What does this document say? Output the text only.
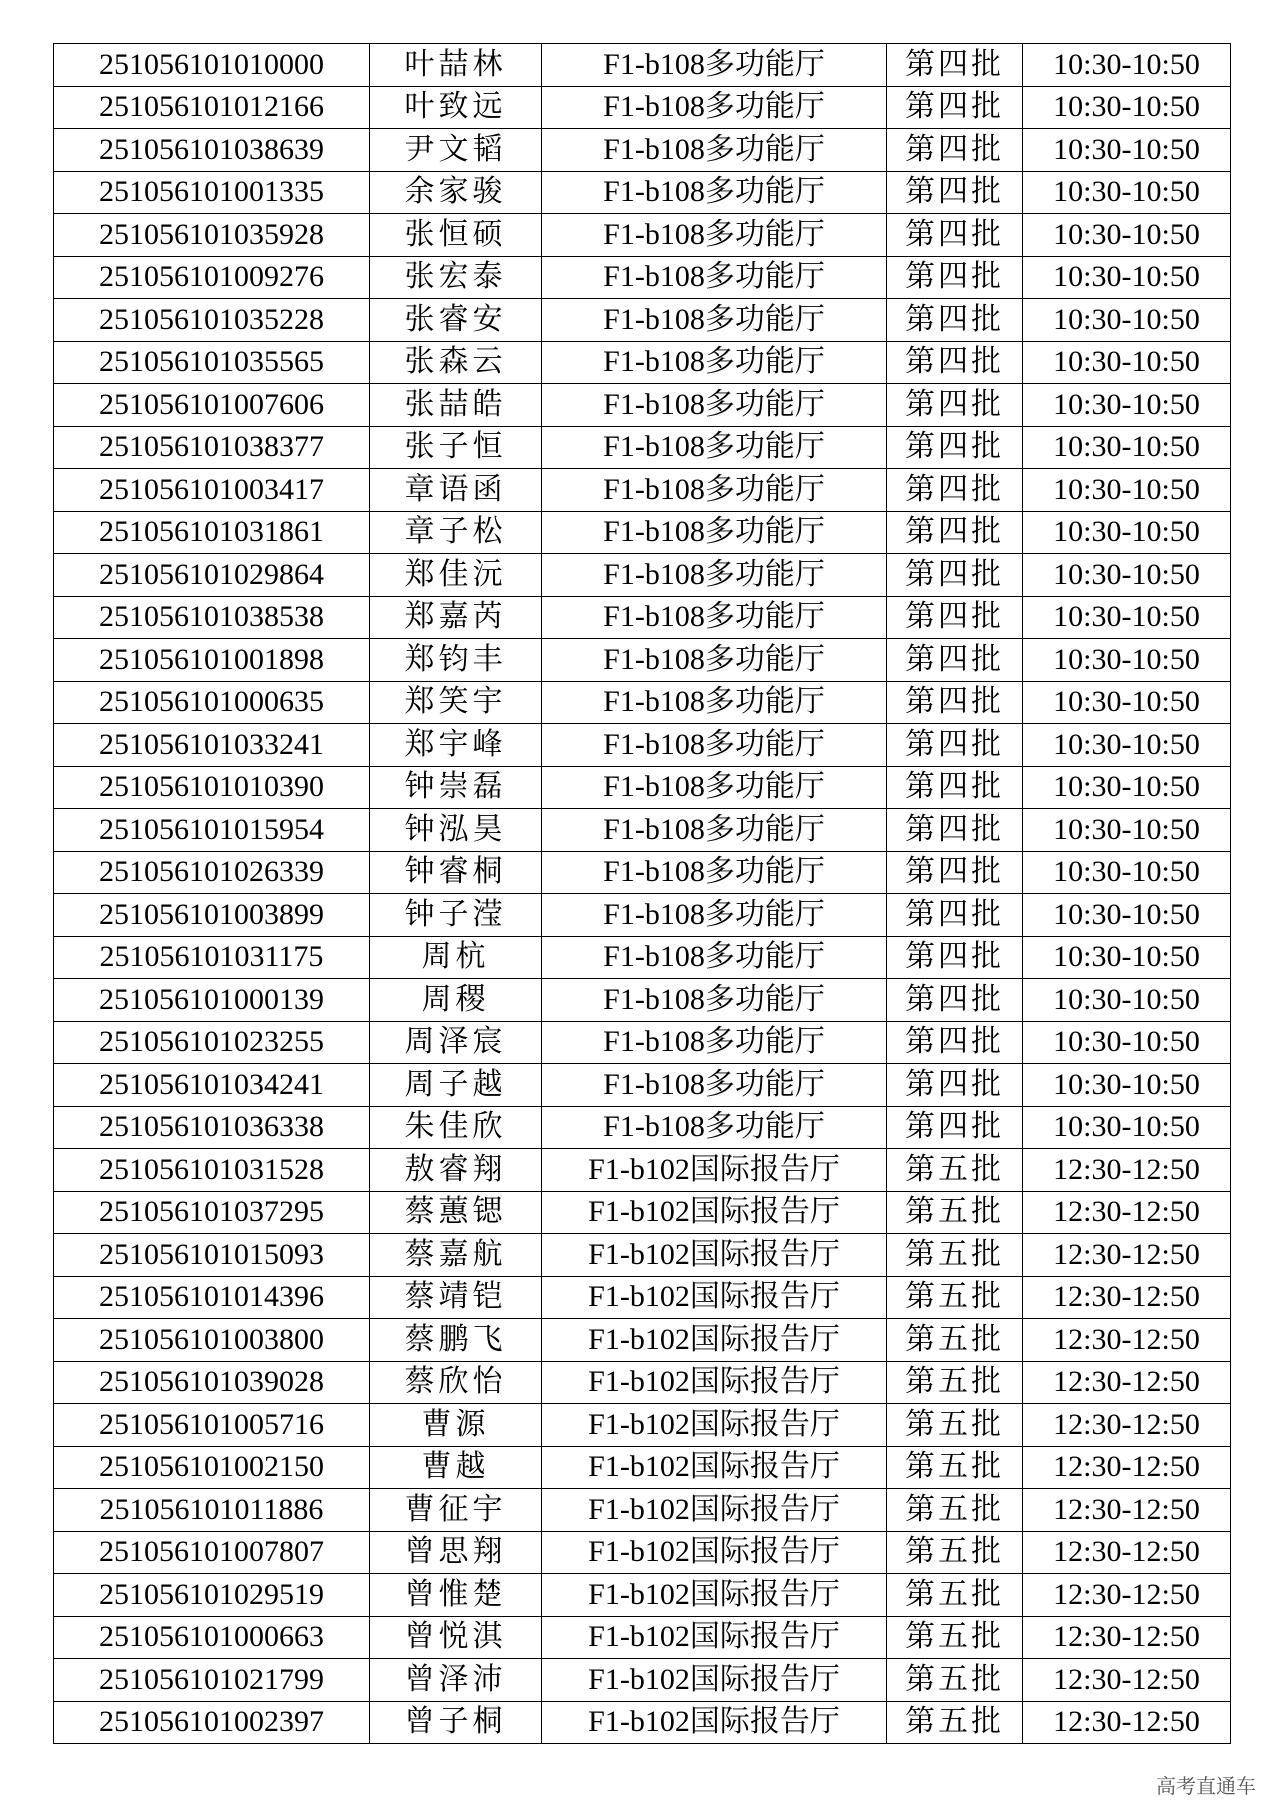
251056101010000	叶喆林	F1-b108多功能厅	第四批	10:30-10:50
251056101012166	叶致远	F1-b108多功能厅	第四批	10:30-10:50
251056101038639	尹文韬	F1-b108多功能厅	第四批	10:30-10:50
251056101001335	余家骏	F1-b108多功能厅	第四批	10:30-10:50
251056101035928	张恒硕	F1-b108多功能厅	第四批	10:30-10:50
251056101009276	张宏泰	F1-b108多功能厅	第四批	10:30-10:50
251056101035228	张睿安	F1-b108多功能厅	第四批	10:30-10:50
251056101035565	张森云	F1-b108多功能厅	第四批	10:30-10:50
251056101007606	张喆皓	F1-b108多功能厅	第四批	10:30-10:50
251056101038377	张子恒	F1-b108多功能厅	第四批	10:30-10:50
251056101003417	章语函	F1-b108多功能厅	第四批	10:30-10:50
251056101031861	章子松	F1-b108多功能厅	第四批	10:30-10:50
251056101029864	郑佳沅	F1-b108多功能厅	第四批	10:30-10:50
251056101038538	郑嘉芮	F1-b108多功能厅	第四批	10:30-10:50
251056101001898	郑钧丰	F1-b108多功能厅	第四批	10:30-10:50
251056101000635	郑笑宇	F1-b108多功能厅	第四批	10:30-10:50
251056101033241	郑宇峰	F1-b108多功能厅	第四批	10:30-10:50
251056101010390	钟崇磊	F1-b108多功能厅	第四批	10:30-10:50
251056101015954	钟泓昊	F1-b108多功能厅	第四批	10:30-10:50
251056101026339	钟睿桐	F1-b108多功能厅	第四批	10:30-10:50
251056101003899	钟子滢	F1-b108多功能厅	第四批	10:30-10:50
251056101031175	周杭	F1-b108多功能厅	第四批	10:30-10:50
251056101000139	周稷	F1-b108多功能厅	第四批	10:30-10:50
251056101023255	周泽宸	F1-b108多功能厅	第四批	10:30-10:50
251056101034241	周子越	F1-b108多功能厅	第四批	10:30-10:50
251056101036338	朱佳欣	F1-b108多功能厅	第四批	10:30-10:50
251056101031528	敖睿翔	F1-b102国际报告厅	第五批	12:30-12:50
251056101037295	蔡蕙锶	F1-b102国际报告厅	第五批	12:30-12:50
251056101015093	蔡嘉航	F1-b102国际报告厅	第五批	12:30-12:50
251056101014396	蔡靖铠	F1-b102国际报告厅	第五批	12:30-12:50
251056101003800	蔡鹏飞	F1-b102国际报告厅	第五批	12:30-12:50
251056101039028	蔡欣怡	F1-b102国际报告厅	第五批	12:30-12:50
251056101005716	曹源	F1-b102国际报告厅	第五批	12:30-12:50
251056101002150	曹越	F1-b102国际报告厅	第五批	12:30-12:50
251056101011886	曹征宇	F1-b102国际报告厅	第五批	12:30-12:50
251056101007807	曾思翔	F1-b102国际报告厅	第五批	12:30-12:50
251056101029519	曾惟楚	F1-b102国际报告厅	第五批	12:30-12:50
251056101000663	曾悦淇	F1-b102国际报告厅	第五批	12:30-12:50
251056101021799	曾泽沛	F1-b102国际报告厅	第五批	12:30-12:50
251056101002397	曾子桐	F1-b102国际报告厅	第五批	12:30-12:50
高考直通车
